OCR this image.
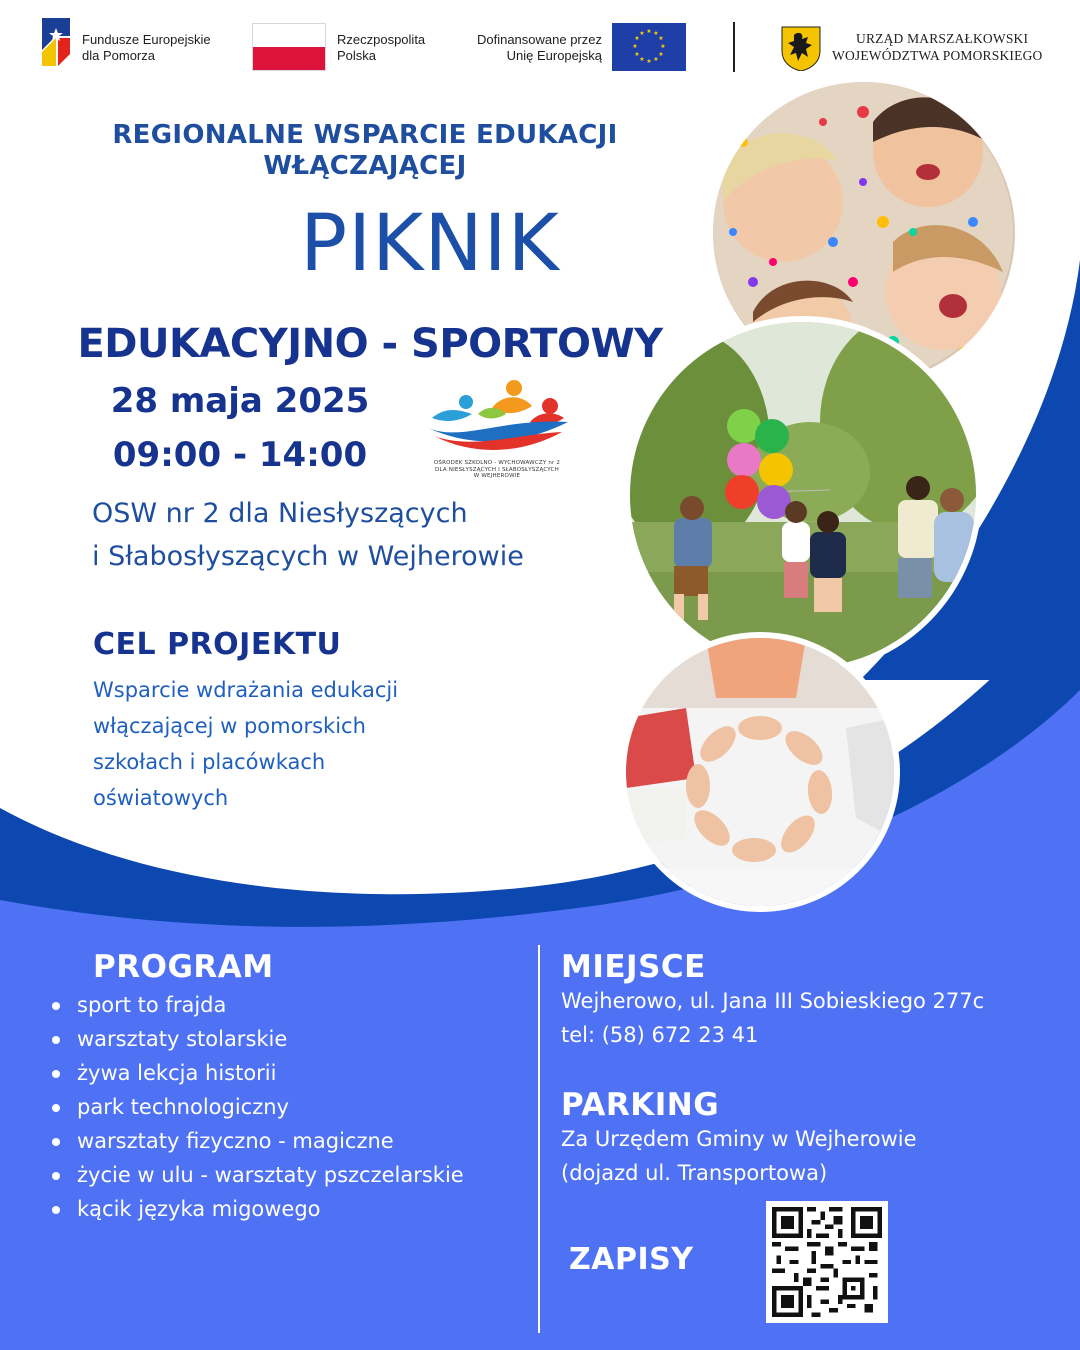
Fundusze Europejskie
dla Pomorza
Rzeczpospolita
Polska
Dofinansowane przez
Unię Europejską
★ ★
★
★
★
★
★
★
★
★
★
★	URZĄD MARSZAŁKOWSKI
WOJEWÓDZTWA POMORSKIEGO
REGIONALNE WSPARCIE EDUKACJI
WŁĄCZAJĄCEJ
PIKNIK
EDUKACYJNO - SPORTOWY
28 maja 2025
09:00 - 14:00	OŚRODEK SZKOLNO - WYCHOWAWCZY nr 2
DLA NIESŁYSZĄCYCH I SŁABOSŁYSZĄCYCH
W WEJHEROWIE
OSW nr 2 dla Niesłyszących
i Słabosłyszących w Wejherowie
CEL PROJEKTU
Wsparcie wdrażania edukacji
włączającej w pomorskich
szkołach i placówkach
oświatowych
PROGRAM
sport to frajda
warsztaty stolarskie
żywa lekcja historii
park technologiczny
warsztaty fizyczno - magiczne
życie w ulu - warsztaty pszczelarskie
kącik języka migowego
MIEJSCE
Wejherowo, ul. Jana III Sobieskiego 277c
tel: (58) 672 23 41
PARKING
Za Urzędem Gminy w Wejherowie
(dojazd ul. Transportowa)
ZAPISY
